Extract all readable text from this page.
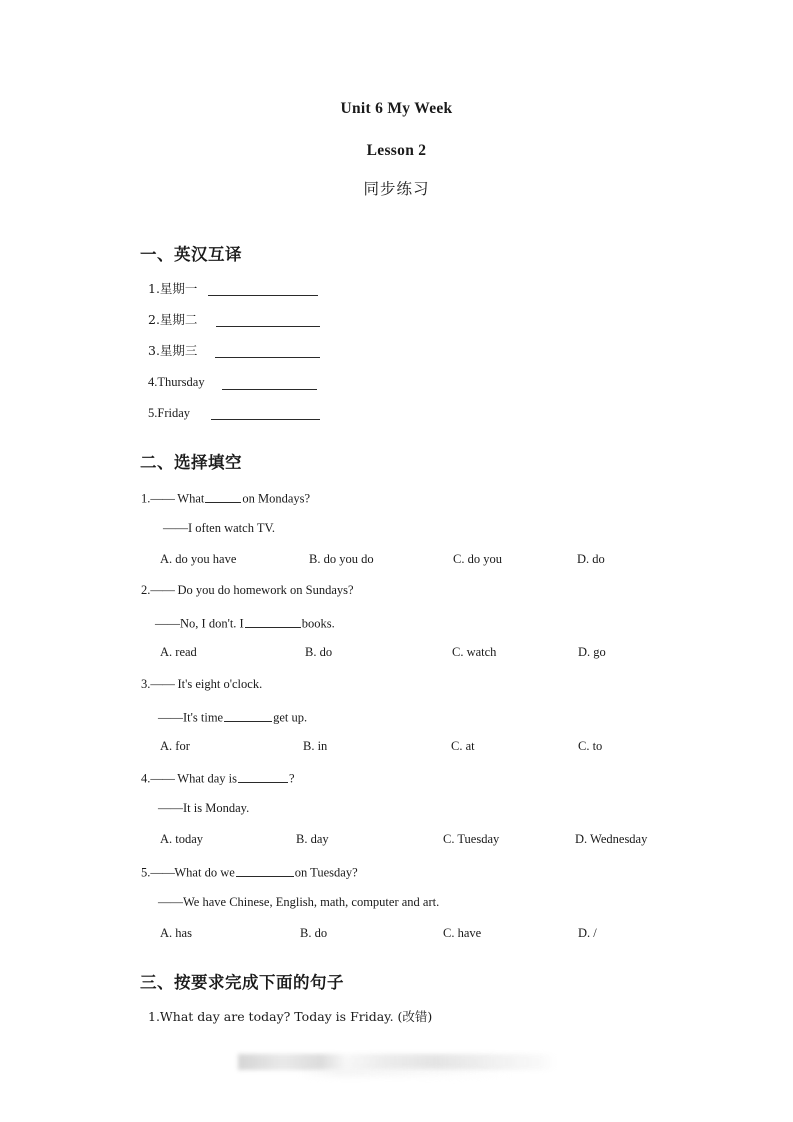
Unit 6 My Week
Lesson 2
同步练习
一、英汉互译
1.星期一
2.星期二
3.星期三
4.Thursday
5.Friday
二、选择填空
1.—— What	on Mondays?
——I often watch TV.
A. do you have	B. do you do	C. do you	D. do
2.—— Do you do homework on Sundays?
——No, I don't. I	books.
A. read	B. do	C. watch	D. go
3.—— It's eight o'clock.
——It's time	get up.
A. for	B. in	C. at	C. to
4.—— What day is	?
——It is Monday.
A. today	B. day	C. Tuesday	D. Wednesday
5.——What do we	on Tuesday?
——We have Chinese, English, math, computer and art.
A. has	B. do	C. have	D. /
三、按要求完成下面的句子
1.What day are today? Today is Friday. (改错)
